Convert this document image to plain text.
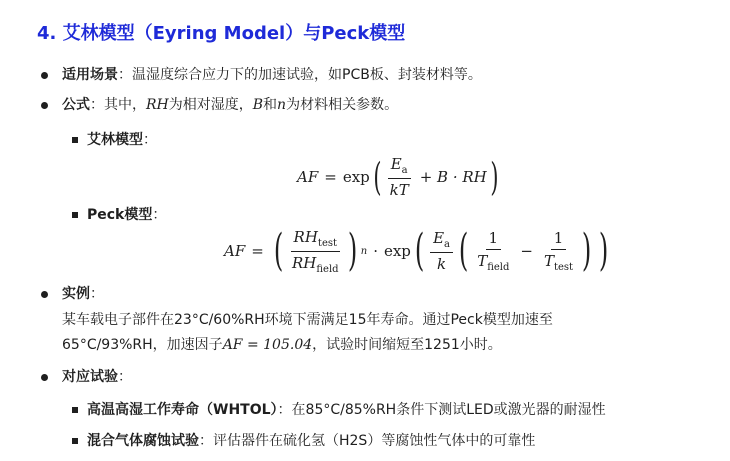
4. 艾林模型（Eyring Model）与Peck模型
适用场景：温湿度综合应力下的加速试验，如PCB板、封装材料等。
公式：其中，RH为相对湿度，B和n为材料相关参数。
艾林模型：
AF = exp ( $\frac{E_a}{kT} + B$ · RH )
Peck模型：
AF = ( $\frac{RH_{test}}{RH_{field}}$ ) n · exp ( $\frac{E_a}{k}$ ( $\frac{1}{T_{field}} - \frac{1}{T_{test}}$ ) )
实例：
某车载电子部件在23°C/60%RH环境下需满足15年寿命。通过Peck模型加速至
65°C/93%RH，加速因子AF = 105.04，试验时间缩短至1251小时。
对应试验：
高温高湿工作寿命（WHTOL）：在85°C/85%RH条件下测试LED或激光器的耐湿性
混合气体腐蚀试验：评估器件在硫化氢（H2S）等腐蚀性气体中的可靠性
